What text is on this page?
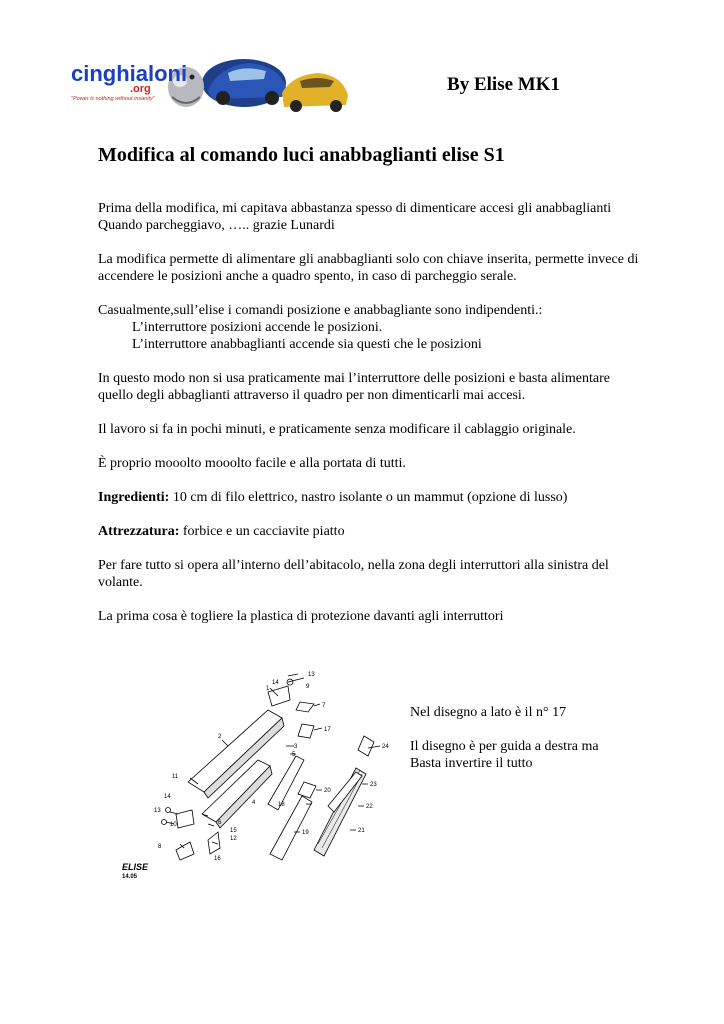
cinghialoni
.org
"Power is nothing without insanity"
By Elise MK1
Modifica al comando luci anabbaglianti elise S1

Prima della modifica, mi capitava abbastanza spesso di dimenticare accesi gli anabbaglianti Quando parcheggiavo, ….. grazie Lunardi

La modifica permette di alimentare gli anabbaglianti solo con chiave inserita, permette invece di accendere le posizioni anche a quadro spento, in caso di parcheggio serale.

Casualmente,sull’elise i comandi posizione e anabbagliante sono indipendenti.:
L’interruttore posizioni accende le posizioni.
L’interruttore anabbaglianti accende sia questi che le posizioni

In questo modo non si usa praticamente mai l’interruttore delle posizioni e basta alimentare quello degli abbaglianti attraverso il quadro per non dimenticarli mai accesi.

Il lavoro si fa in pochi minuti, e praticamente senza modificare il cablaggio originale.

È proprio mooolto mooolto facile e alla portata di tutti.

Ingredienti: 10 cm di filo elettrico, nastro isolante o un mammut (opzione di lusso)

Attrezzatura: forbice e un cacciavite piatto

Per fare tutto si opera all’interno dell’abitacolo, nella zona degli interruttori alla sinistra del volante.

La prima cosa è togliere la plastica di protezione davanti agli interruttori

13
14
1	9
7
17
2
3
5
24
20
23
22
18
21
19
4
11
14
13
10
8
15
12
16
6
ELISE
14.05

Nel disegno a lato è il n° 17

Il disegno è per guida a destra ma
Basta invertire il tutto
